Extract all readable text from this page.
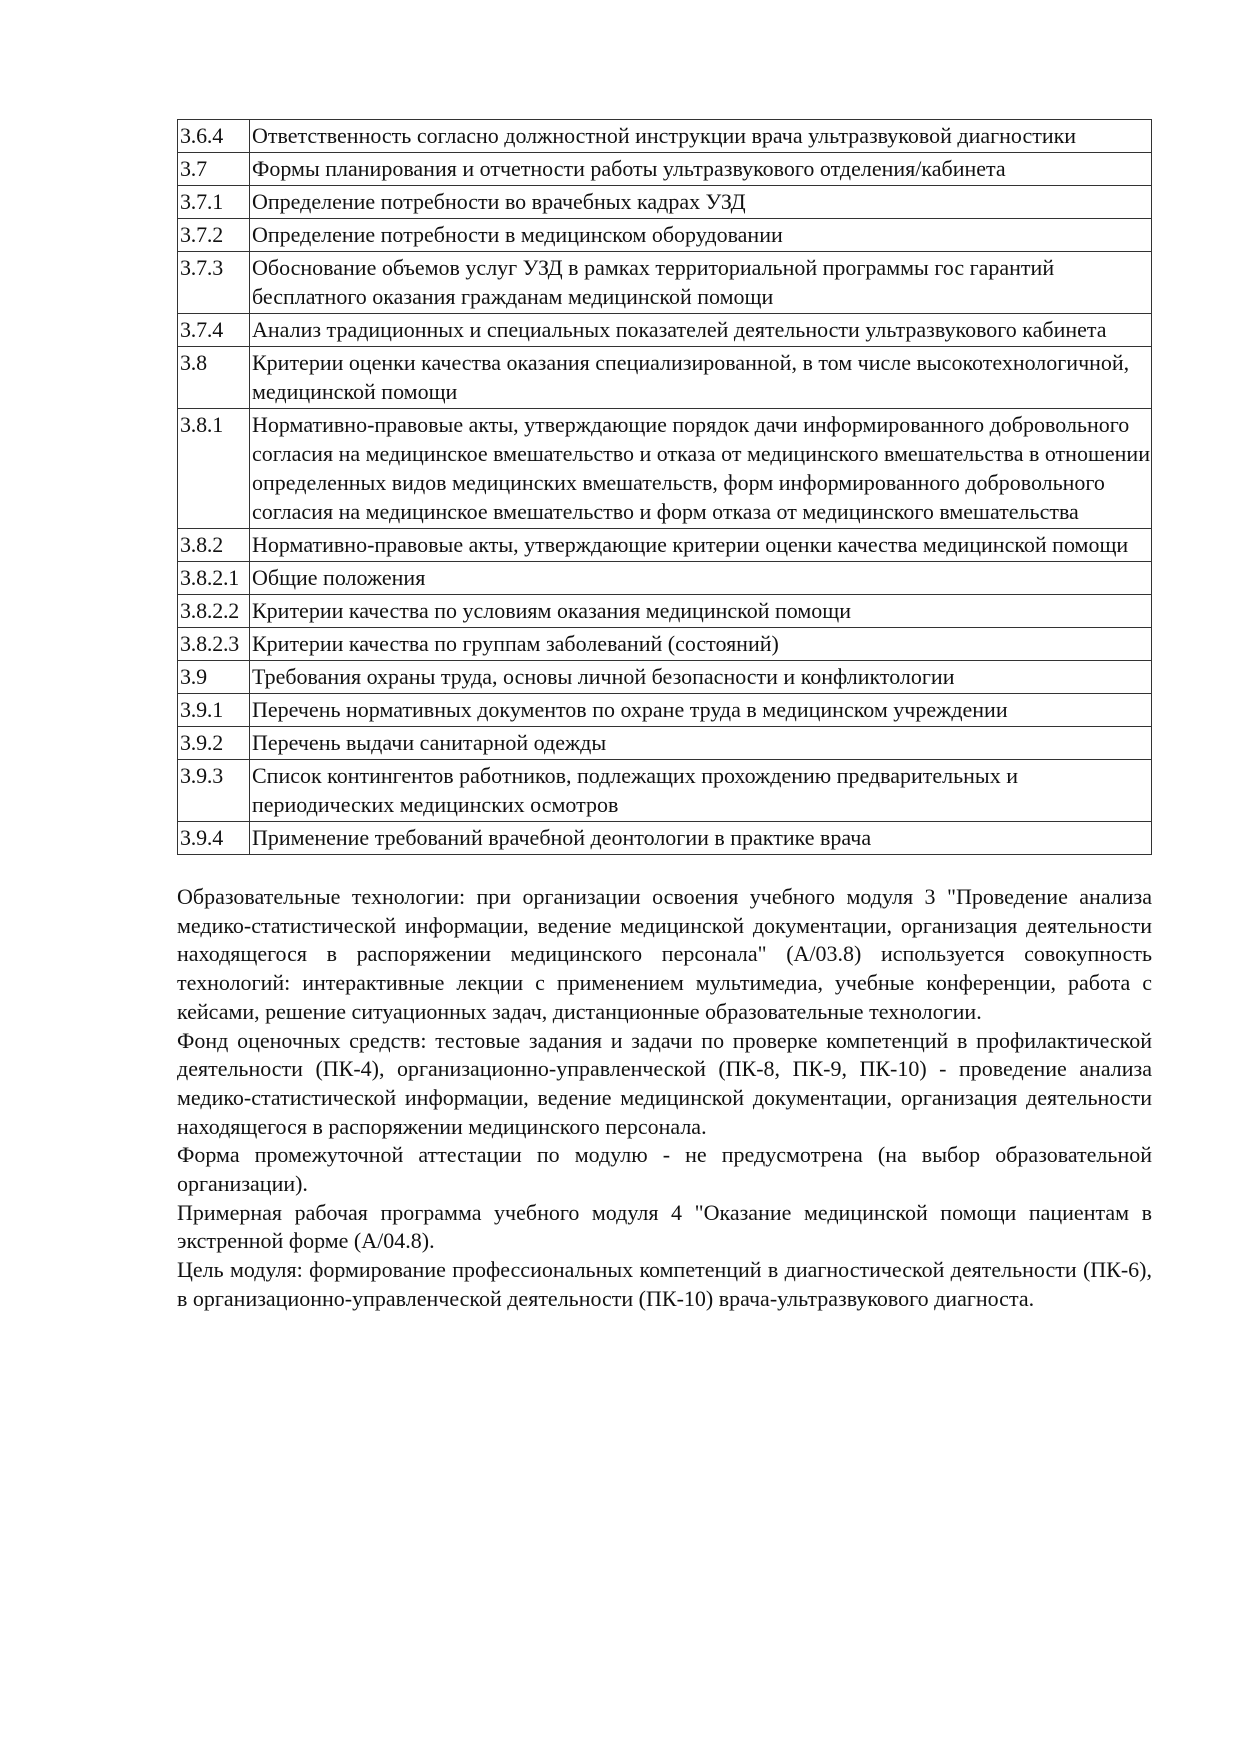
3.6.4	Ответственность согласно должностной инструкции врача ультразвуковой диагностики
3.7	Формы планирования и отчетности работы ультразвукового отделения/кабинета
3.7.1	Определение потребности во врачебных кадрах УЗД
3.7.2	Определение потребности в медицинском оборудовании
3.7.3	Обоснование объемов услуг УЗД в рамках территориальной программы гос гарантий бесплатного оказания гражданам медицинской помощи
3.7.4	Анализ традиционных и специальных показателей деятельности ультразвукового кабинета
3.8	Критерии оценки качества оказания специализированной, в том числе высокотехнологичной, медицинской помощи
3.8.1	Нормативно-правовые акты, утверждающие порядок дачи информированного добровольного согласия на медицинское вмешательство и отказа от медицинского вмешательства в отношении определенных видов медицинских вмешательств, форм информированного добровольного согласия на медицинское вмешательство и форм отказа от медицинского вмешательства
3.8.2	Нормативно-правовые акты, утверждающие критерии оценки качества медицинской помощи
3.8.2.1	Общие положения
3.8.2.2	Критерии качества по условиям оказания медицинской помощи
3.8.2.3	Критерии качества по группам заболеваний (состояний)
3.9	Требования охраны труда, основы личной безопасности и конфликтологии
3.9.1	Перечень нормативных документов по охране труда в медицинском учреждении
3.9.2	Перечень выдачи санитарной одежды
3.9.3	Список контингентов работников, подлежащих прохождению предварительных и периодических медицинских осмотров
3.9.4	Применение требований врачебной деонтологии в практике врача

Образовательные технологии: при организации освоения учебного модуля 3 "Проведение анализа медико-статистической информации, ведение медицинской документации, организация деятельности находящегося в распоряжении медицинского персонала" (А/03.8) используется совокупность технологий: интерактивные лекции с применением мультимедиа, учебные конференции, работа с кейсами, решение ситуационных задач, дистанционные образовательные технологии.

Фонд оценочных средств: тестовые задания и задачи по проверке компетенций в профилактической деятельности (ПК-4), организационно-управленческой (ПК-8, ПК-9, ПК-10) - проведение анализа медико-статистической информации, ведение медицинской документации, организация деятельности находящегося в распоряжении медицинского персонала.

Форма промежуточной аттестации по модулю - не предусмотрена (на выбор образовательной организации).

Примерная рабочая программа учебного модуля 4 "Оказание медицинской помощи пациентам в экстренной форме (А/04.8).

Цель модуля: формирование профессиональных компетенций в диагностической деятельности (ПК-6), в организационно-управленческой деятельности (ПК-10) врача-ультразвукового диагноста.
